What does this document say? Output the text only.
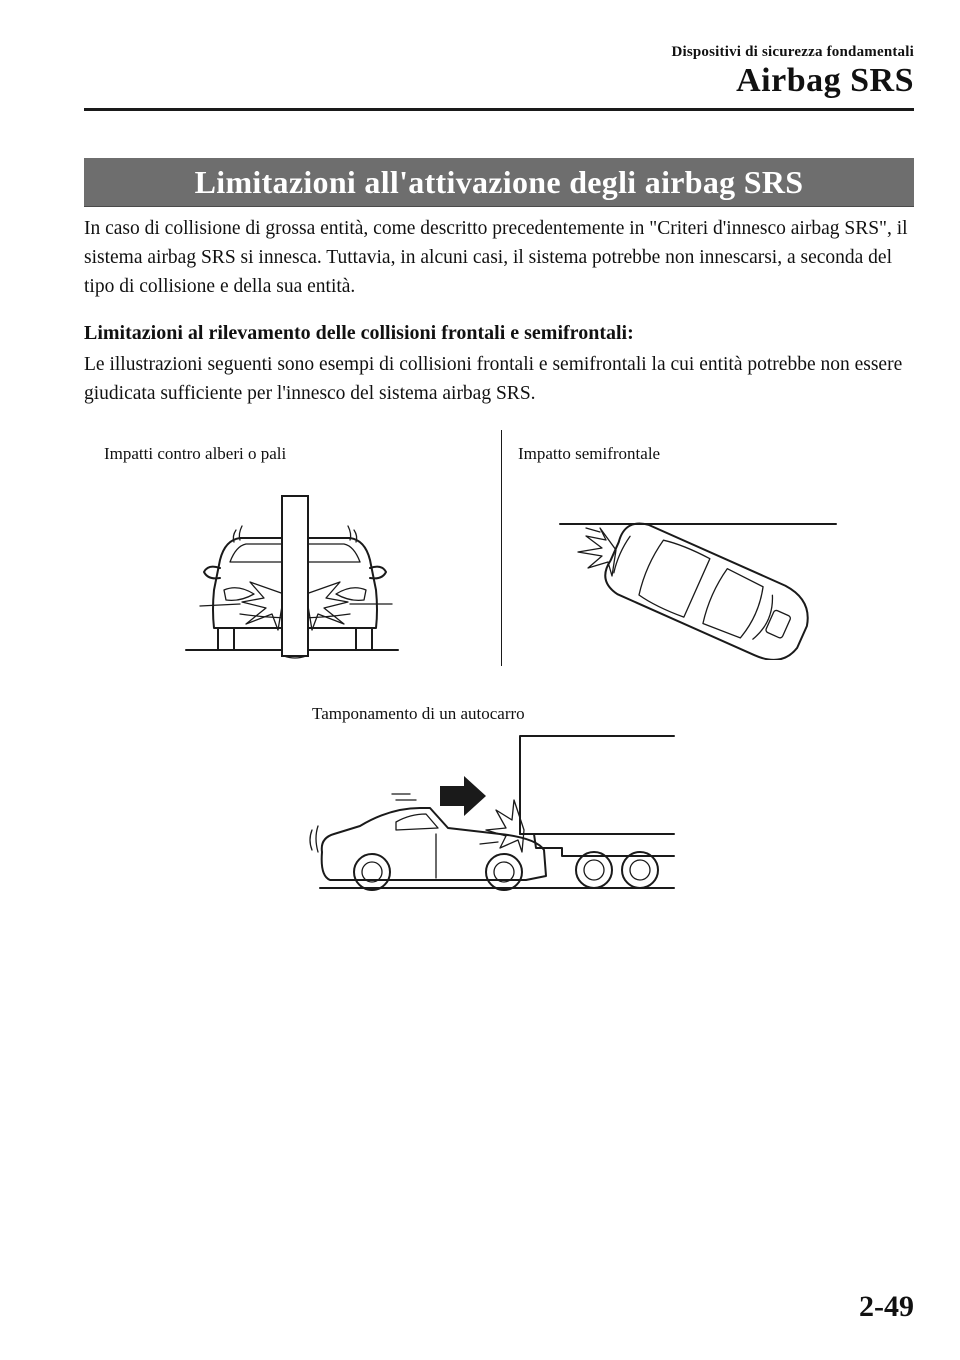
Dispositivi di sicurezza fondamentali
Airbag SRS
Limitazioni all'attivazione degli airbag SRS
In caso di collisione di grossa entità, come descritto precedentemente in "Criteri d'innesco airbag SRS", il sistema airbag SRS si innesca. Tuttavia, in alcuni casi, il sistema potrebbe non innescarsi, a seconda del tipo di collisione e della sua entità.
Limitazioni al rilevamento delle collisioni frontali e semifrontali:
Le illustrazioni seguenti sono esempi di collisioni frontali e semifrontali la cui entità potrebbe non essere giudicata sufficiente per l'innesco del sistema airbag SRS.
Impatti contro alberi o pali	Impatto semifrontale
Tamponamento di un autocarro
2-49
